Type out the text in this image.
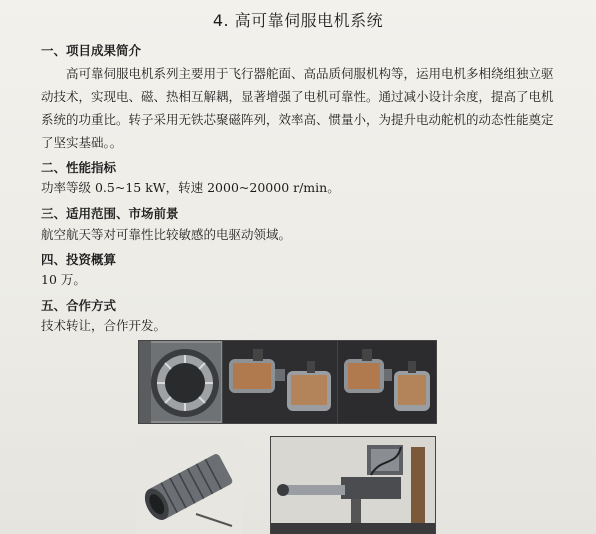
4. 高可靠伺服电机系统
一、项目成果简介
高可靠伺服电机系列主要用于飞行器舵面、高品质伺服机构等，运用电机多相绕组独立驱动技术，实现电、磁、热相互解耦，显著增强了电机可靠性。通过减小设计余度，提高了电机系统的功重比。转子采用无铁芯聚磁阵列，效率高、惯量小，为提升电动舵机的动态性能奠定了坚实基础。。
二、性能指标
功率等级 0.5~15 kW，转速 2000~20000 r/min。
三、适用范围、市场前景
航空航天等对可靠性比较敏感的电驱动领域。
四、投资概算
10 万。
五、合作方式
技术转让，合作开发。
